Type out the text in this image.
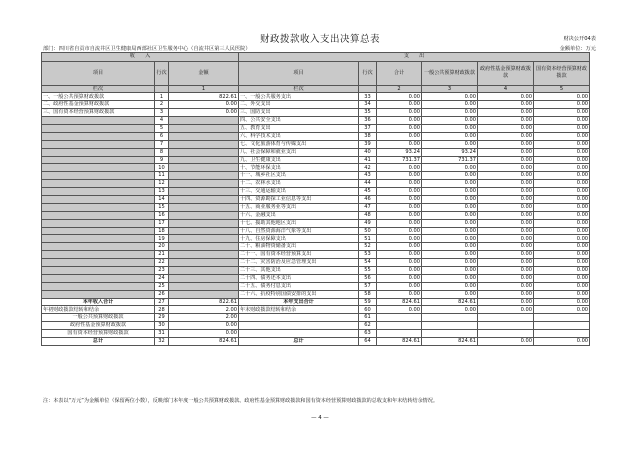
财政拨款收入支出决算总表	财决公开04表
部门：四川省自贡市自流井区卫生健康局西部社区卫生服务中心（自流井区第三人民医院）	金额单位：万元
收　　入			支　　出					
项目	行次	金额	项目	行次	合计	一般公共预算财政拨款	政府性基金预算财政拨款	国有资本经营预算财政拨款
栏次		1	栏次		2	3	4	5
一、一般公共预算财政拨款	1	822.61	一、一般公共服务支出	33	0.00	0.00	0.00	0.00
二、政府性基金预算财政拨款	2	0.00	二、外交支出	34	0.00	0.00	0.00	0.00
三、国有资本经营预算财政拨款	3	0.00	三、国防支出	35	0.00	0.00	0.00	0.00
	4		四、公共安全支出	36	0.00	0.00	0.00	0.00
	5		五、教育支出	37	0.00	0.00	0.00	0.00
	6		六、科学技术支出	38	0.00	0.00	0.00	0.00
	7		七、文化旅游体育与传媒支出	39	0.00	0.00	0.00	0.00
	8		八、社会保障和就业支出	40	93.24	93.24	0.00	0.00
	9		九、卫生健康支出	41	731.37	731.37	0.00	0.00
	10		十、节能环保支出	42	0.00	0.00	0.00	0.00
	11		十一、城乡社区支出	43	0.00	0.00	0.00	0.00
	12		十二、农林水支出	44	0.00	0.00	0.00	0.00
	13		十三、交通运输支出	45	0.00	0.00	0.00	0.00
	14		十四、资源勘探工业信息等支出	46	0.00	0.00	0.00	0.00
	15		十五、商业服务业等支出	47	0.00	0.00	0.00	0.00
	16		十六、金融支出	48	0.00	0.00	0.00	0.00
	17		十七、援助其他地区支出	49	0.00	0.00	0.00	0.00
	18		十八、自然资源海洋气象等支出	50	0.00	0.00	0.00	0.00
	19		十九、住房保障支出	51	0.00	0.00	0.00	0.00
	20		二十、粮油物资储备支出	52	0.00	0.00	0.00	0.00
	21		二十一、国有资本经营预算支出	53	0.00	0.00	0.00	0.00
	22		二十二、灾害防治及应急管理支出	54	0.00	0.00	0.00	0.00
	23		二十三、其他支出	55	0.00	0.00	0.00	0.00
	24		二十四、债务还本支出	56	0.00	0.00	0.00	0.00
	25		二十五、债务付息支出	57	0.00	0.00	0.00	0.00
	26		二十六、抗疫特别国债安排的支出	58	0.00	0.00	0.00	0.00
本年收入合计	27	822.61	本年支出合计	59	824.61	824.61	0.00	0.00
年初财政拨款结转和结余	28	2.00	年末财政拨款结转和结余	60	0.00	0.00	0.00	0.00
一般公共预算财政拨款	29	2.00		61				
政府性基金预算财政拨款	30	0.00		62				
国有资本经营预算财政拨款	31	0.00		63				
总计	32	824.61	总计	64	824.61	824.61	0.00	0.00
注：本表以“万元”为金额单位（保留两位小数），反映部门本年度一般公共预算财政拨款、政府性基金预算财政拨款和国有资本经营预算财政拨款的总收支和年末结转结余情况。
— 4 —
